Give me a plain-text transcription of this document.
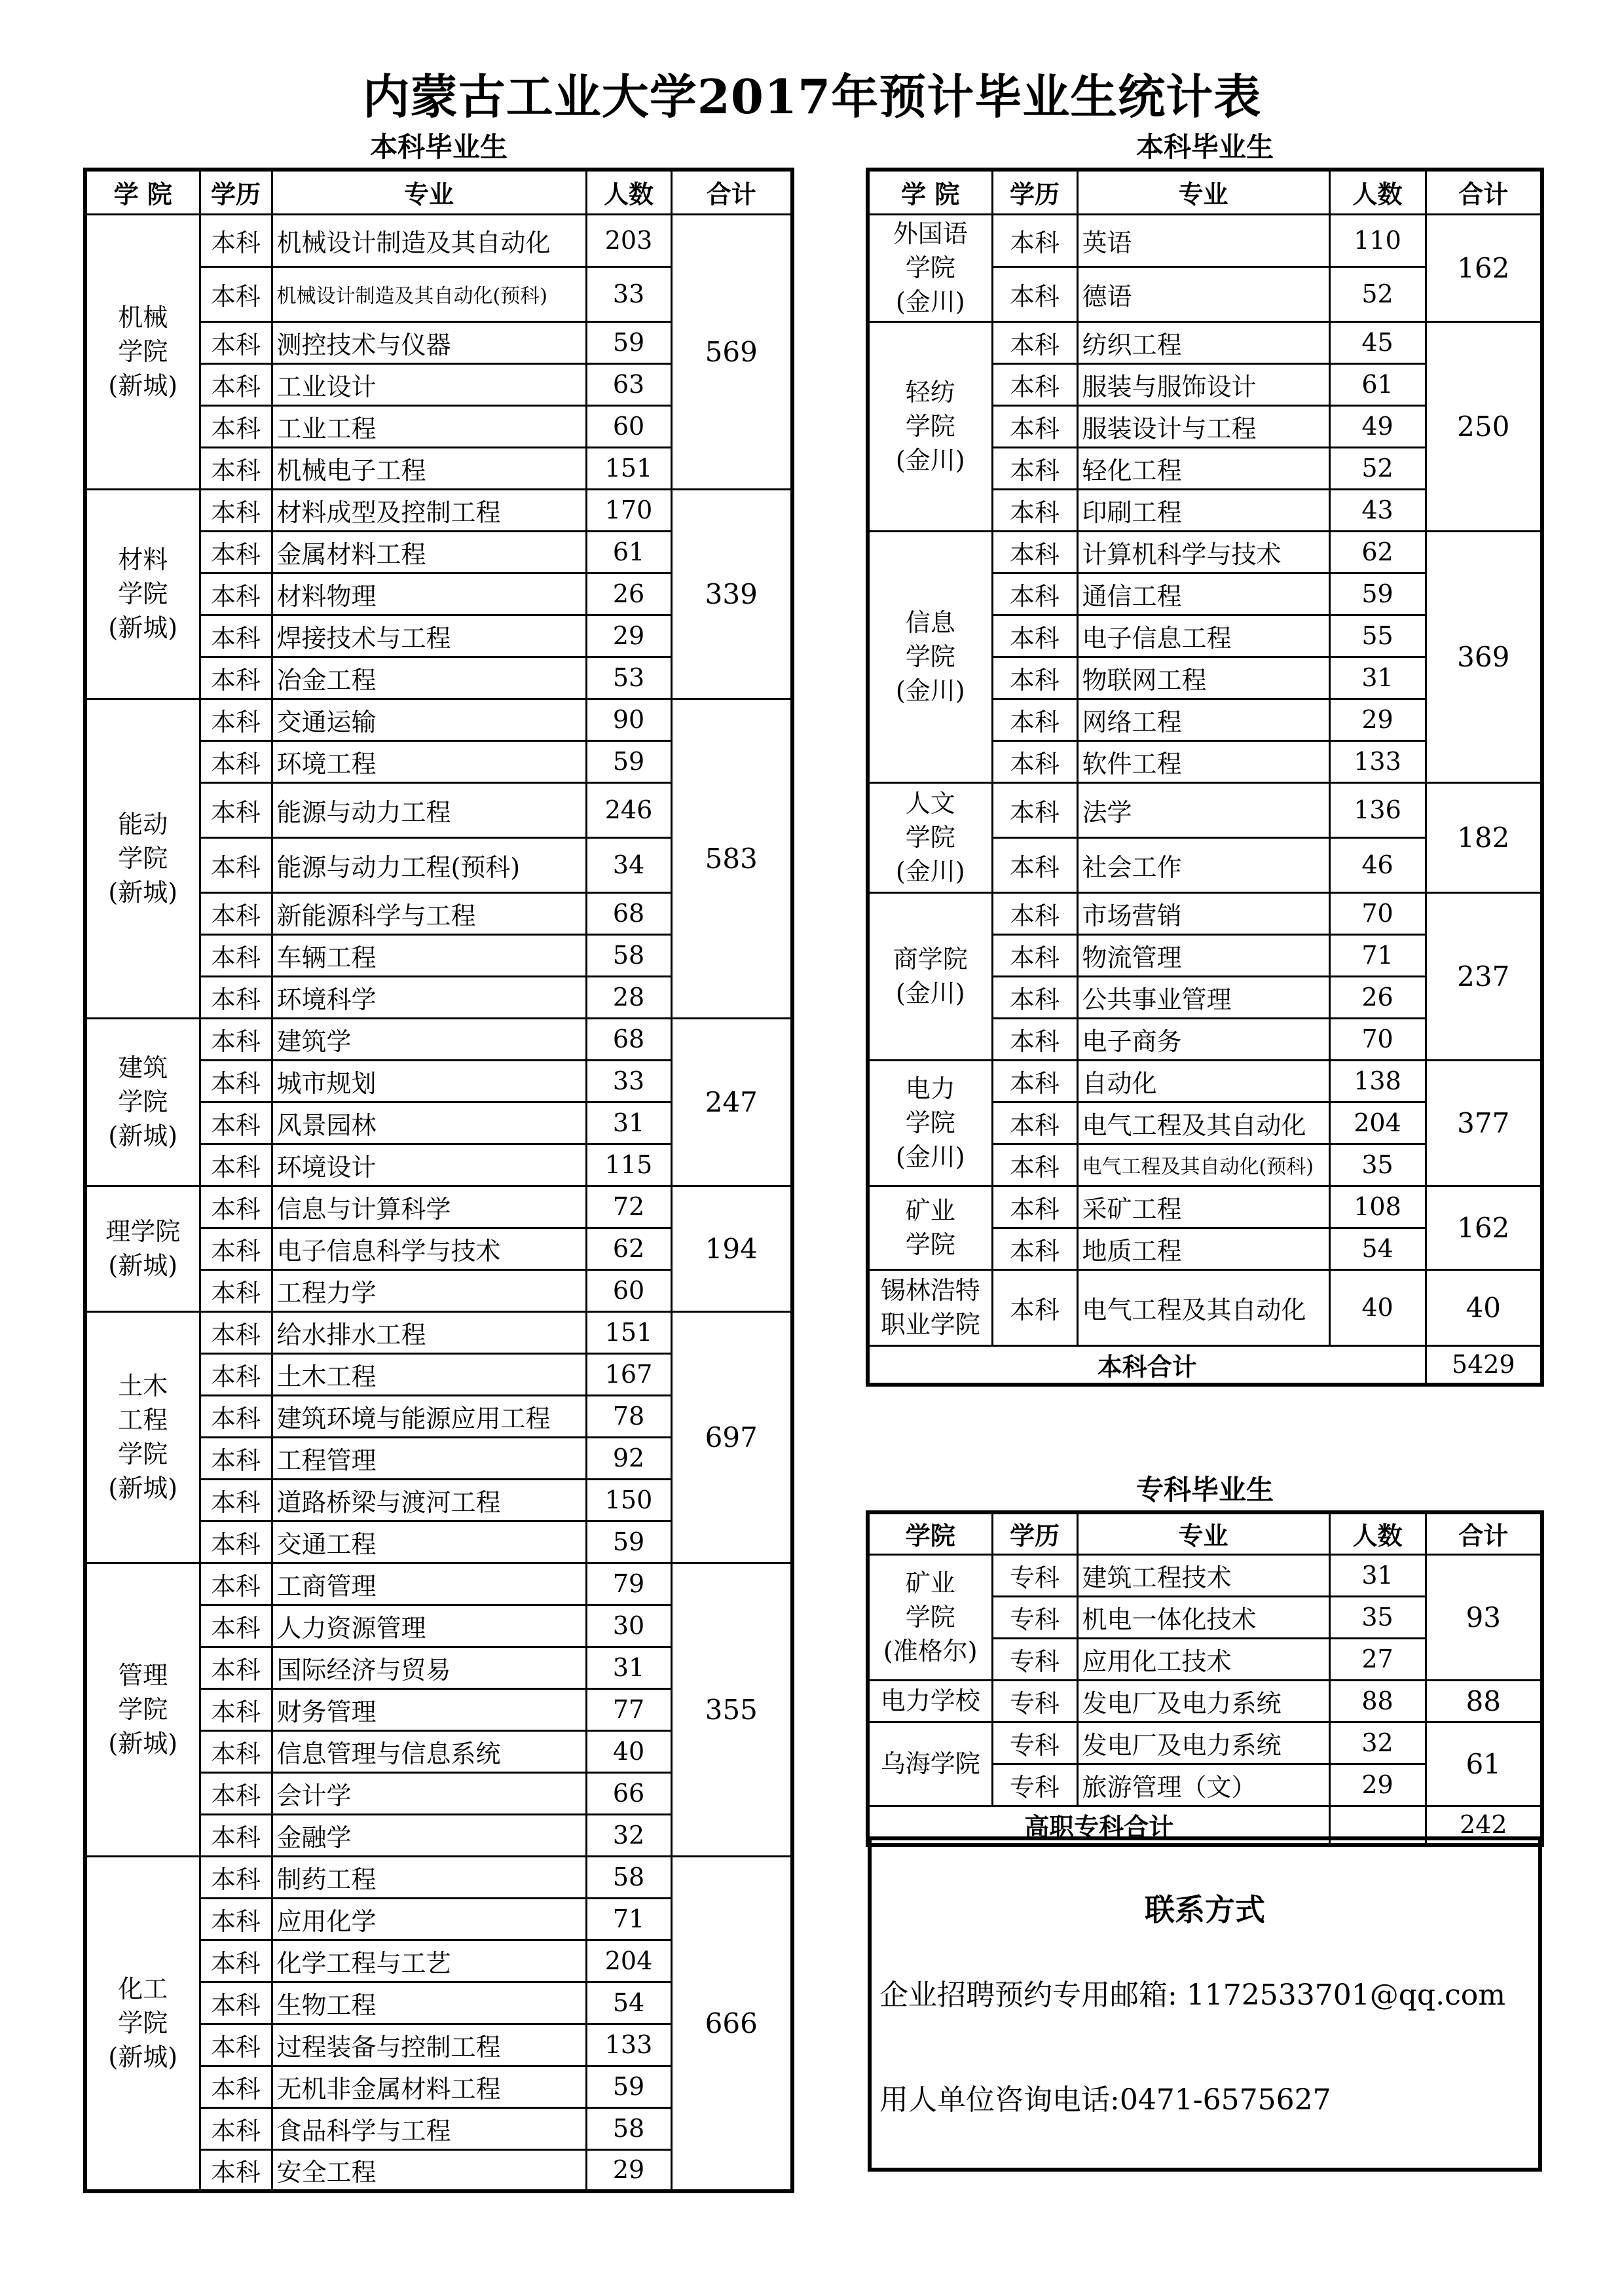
内蒙古工业大学2017年预计毕业生统计表
本科毕业生	本科毕业生
专科毕业生
学 院	学历	专业	人数	合计
机械
学院
(新城)	本科	机械设计制造及其自动化	203	569
	本科	机械设计制造及其自动化(预科)	33	
	本科	测控技术与仪器	59	
	本科	工业设计	63	
	本科	工业工程	60	
	本科	机械电子工程	151	
材料
学院
(新城)	本科	材料成型及控制工程	170	339
	本科	金属材料工程	61	
	本科	材料物理	26	
	本科	焊接技术与工程	29	
	本科	冶金工程	53	
能动
学院
(新城)	本科	交通运输	90	583
	本科	环境工程	59	
	本科	能源与动力工程	246	
	本科	能源与动力工程(预科)	34	
	本科	新能源科学与工程	68	
	本科	车辆工程	58	
	本科	环境科学	28	
建筑
学院
(新城)	本科	建筑学	68	247
	本科	城市规划	33	
	本科	风景园林	31	
	本科	环境设计	115	
理学院
(新城)	本科	信息与计算科学	72	194
	本科	电子信息科学与技术	62	
	本科	工程力学	60	
土木
工程
学院
(新城)	本科	给水排水工程	151	697
	本科	土木工程	167	
	本科	建筑环境与能源应用工程	78	
	本科	工程管理	92	
	本科	道路桥梁与渡河工程	150	
	本科	交通工程	59	
管理
学院
(新城)	本科	工商管理	79	355
	本科	人力资源管理	30	
	本科	国际经济与贸易	31	
	本科	财务管理	77	
	本科	信息管理与信息系统	40	
	本科	会计学	66	
	本科	金融学	32	
化工
学院
(新城)	本科	制药工程	58	666
	本科	应用化学	71	
	本科	化学工程与工艺	204	
	本科	生物工程	54	
	本科	过程装备与控制工程	133	
	本科	无机非金属材料工程	59	
	本科	食品科学与工程	58	
	本科	安全工程	29	
学 院	学历	专业	人数	合计
外国语
学院
(金川)	本科	英语	110	162
	本科	德语	52	
轻纺
学院
(金川)	本科	纺织工程	45	250
	本科	服装与服饰设计	61	
	本科	服装设计与工程	49	
	本科	轻化工程	52	
	本科	印刷工程	43	
信息
学院
(金川)	本科	计算机科学与技术	62	369
	本科	通信工程	59	
	本科	电子信息工程	55	
	本科	物联网工程	31	
	本科	网络工程	29	
	本科	软件工程	133	
人文
学院
(金川)	本科	法学	136	182
	本科	社会工作	46	
商学院
(金川)	本科	市场营销	70	237
	本科	物流管理	71	
	本科	公共事业管理	26	
	本科	电子商务	70	
电力
学院
(金川)	本科	自动化	138	377
	本科	电气工程及其自动化	204	
	本科	电气工程及其自动化(预科)	35	
矿业
学院	本科	采矿工程	108	162
	本科	地质工程	54	
锡林浩特
职业学院	本科	电气工程及其自动化	40	40
本科合计				5429
学院	学历	专业	人数	合计
矿业
学院
(准格尔)	专科	建筑工程技术	31	93
	专科	机电一体化技术	35	
	专科	应用化工技术	27	
电力学校	专科	发电厂及电力系统	88	88
乌海学院	专科	发电厂及电力系统	32	61
	专科	旅游管理（文）	29	
高职专科合计				242
联系方式
企业招聘预约专用邮箱: 1172533701@qq.com
用人单位咨询电话:0471-6575627
